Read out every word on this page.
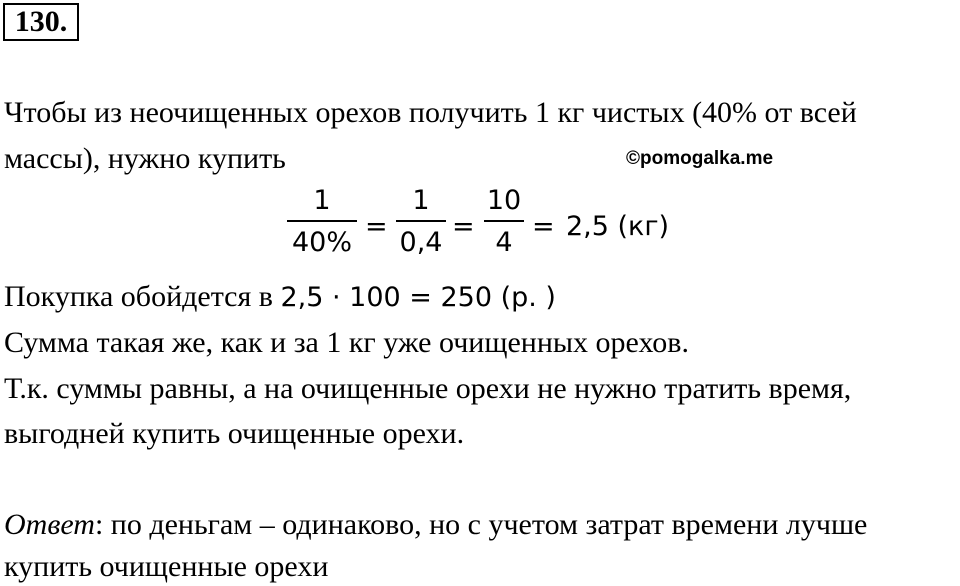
130.
Чтобы из неочищенных орехов получить 1 кг чистых (40% от всей
массы), нужно купить	©pomogalka.me
1
40%
=
1
0,4
=
10
4
= 2,5 (кг)
Покупка обойдется в 2,5 · 100 = 250 (р. )
Сумма такая же, как и за 1 кг уже очищенных орехов.
Т.к. суммы равны, а на очищенные орехи не нужно тратить время,
выгодней купить очищенные орехи.
Ответ: по деньгам – одинаково, но с учетом затрат времени лучше
купить очищенные орехи
